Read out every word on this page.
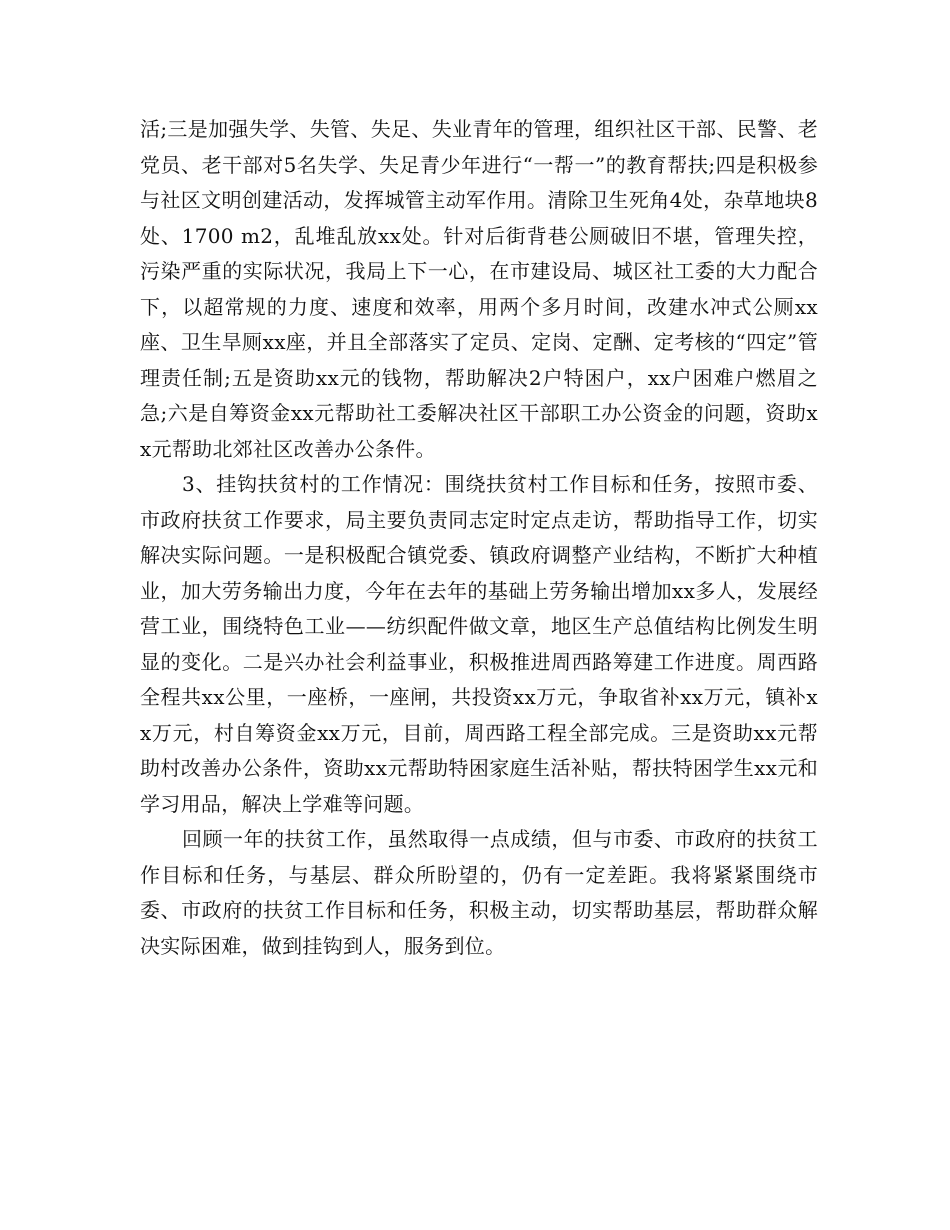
活;三是加强失学、失管、失足、失业青年的管理，组织社区干部、民警、老党员、老干部对5名失学、失足青少年进行“一帮一”的教育帮扶;四是积极参与社区文明创建活动，发挥城管主动军作用。清除卫生死角4处，杂草地块8处、1700 m2，乱堆乱放xx处。针对后街背巷公厕破旧不堪，管理失控，污染严重的实际状况，我局上下一心，在市建设局、城区社工委的大力配合下，以超常规的力度、速度和效率，用两个多月时间，改建水冲式公厕xx座、卫生旱厕xx座，并且全部落实了定员、定岗、定酬、定考核的“四定”管理责任制;五是资助xx元的钱物，帮助解决2户特困户，xx户困难户燃眉之急;六是自筹资金xx元帮助社工委解决社区干部职工办公资金的问题，资助xx元帮助北郊社区改善办公条件。

3、挂钩扶贫村的工作情况：围绕扶贫村工作目标和任务，按照市委、市政府扶贫工作要求，局主要负责同志定时定点走访，帮助指导工作，切实解决实际问题。一是积极配合镇党委、镇政府调整产业结构，不断扩大种植业，加大劳务输出力度，今年在去年的基础上劳务输出增加xx多人，发展经营工业，围绕特色工业——纺织配件做文章，地区生产总值结构比例发生明显的变化。二是兴办社会利益事业，积极推进周西路筹建工作进度。周西路全程共xx公里，一座桥，一座闸，共投资xx万元，争取省补xx万元，镇补xx万元，村自筹资金xx万元，目前，周西路工程全部完成。三是资助xx元帮助村改善办公条件，资助xx元帮助特困家庭生活补贴，帮扶特困学生xx元和学习用品，解决上学难等问题。

回顾一年的扶贫工作，虽然取得一点成绩，但与市委、市政府的扶贫工作目标和任务，与基层、群众所盼望的，仍有一定差距。我将紧紧围绕市委、市政府的扶贫工作目标和任务，积极主动，切实帮助基层，帮助群众解决实际困难，做到挂钩到人，服务到位。
